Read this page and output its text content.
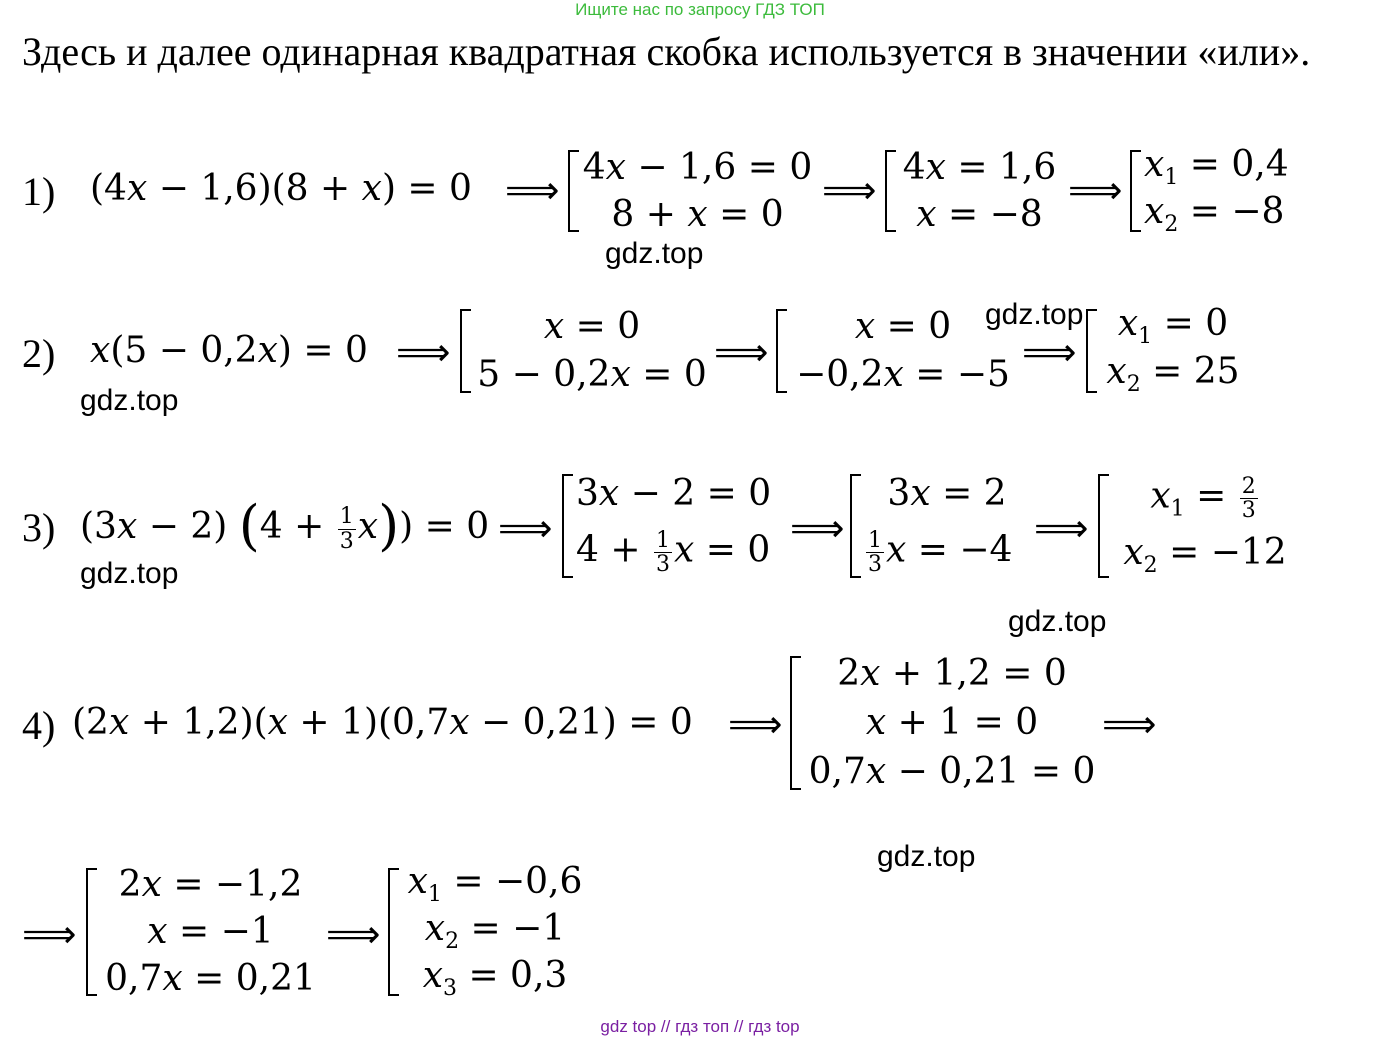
Ищите нас по запросу ГДЗ ТОП
Здесь и далее одинарная квадратная скобка используется в значении «или».
1) (4x − 1,6)(8 + x) = 0 ⟹
4x − 1,6 = 0
8 + x = 0
⟹
4x = 1,6
x = −8
⟹
$x_1 = 0,4$
$x_2 = -8$
gdz.top
gdz.top
2) x(5 − 0,2x) = 0 ⟹
x = 0
5 − 0,2x = 0
⟹
x = 0
−0,2x = −5
⟹
$x_1 = 0$
$x_2 = 25$
gdz.top
3) (3x − 2) $(4 + \frac{1}{3} x)) = 0$ ⟹
3x − 2 = 0
$4 + \frac{1}{3}$ x = 0 ⟹
3x = 2
$\frac{1}{3}$ x = −4 ⟹
$x_1 = \frac{2}{3}$
$x_2 = -12$
gdz.top
gdz.top
4) (2x + 1,2)(x + 1)(0,7x − 0,21) = 0 ⟹
2x + 1,2 = 0
x + 1 = 0
0,7x − 0,21 = 0
⟹
gdz.top
⟹
2x = −1,2
x = −1
0,7x = 0,21
⟹
$x_1 = -0,6$
$x_2 = -1$
$x_3 = 0,3$
gdz top // гдз топ // гдз top
